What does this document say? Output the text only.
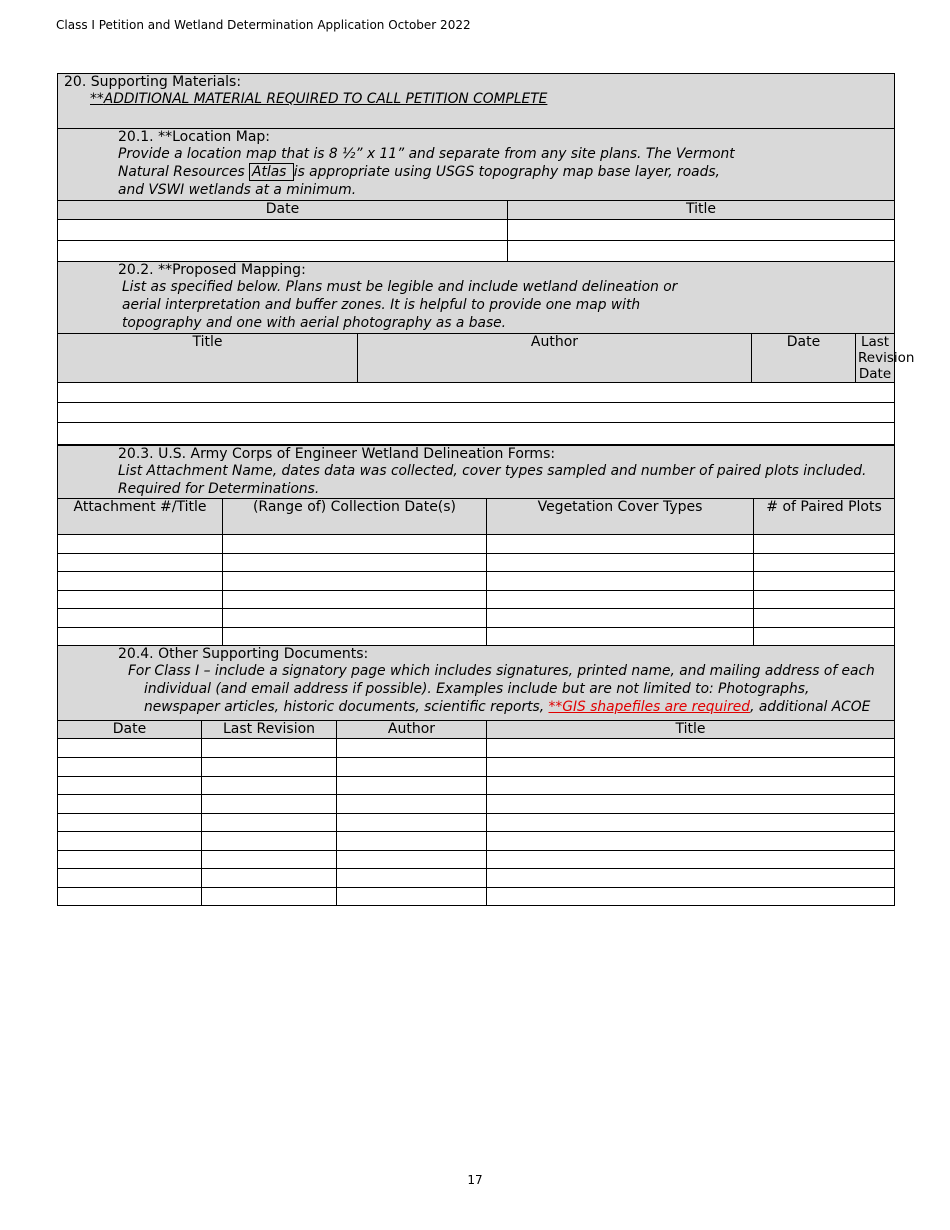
Class I Petition and Wetland Determination Application October 2022
20. Supporting Materials:
**ADDITIONAL MATERIAL REQUIRED TO CALL PETITION COMPLETE									

20.1. **Location Map:
Provide a location map that is 8 ½” x 11” and separate from any site plans. The Vermont
Natural Resources Atlas is appropriate using USGS topography map base layer, roads,
and VSWI wetlands at a minimum.									

Date						Title			

20.2. **Proposed Mapping:
List as specified below. Plans must be legible and include wetland delineation or
aerial interpretation and buffer zones. It is helpful to provide one map with
topography and one with aerial photography as a base.									

Title				Author			Date		Last Revision Date

20.3. U.S. Army Corps of Engineer Wetland Delineation Forms:
List Attachment Name, dates data was collected, cover types sampled and number of paired plots included.
Required for Determinations.									

Attachment #/Title		(Range of) Collection Date(s)			Vegetation Cover Types			# of Paired Plots	

20.4. Other Supporting Documents:
For Class I – include a signatory page which includes signatures, printed name, and mailing address of each
individual (and email address if possible). Examples include but are not limited to: Photographs,
newspaper articles, historic documents, scientific reports, **GIS shapefiles are required, additional ACOE									

Date	Last Revision		Author		Title				

17
